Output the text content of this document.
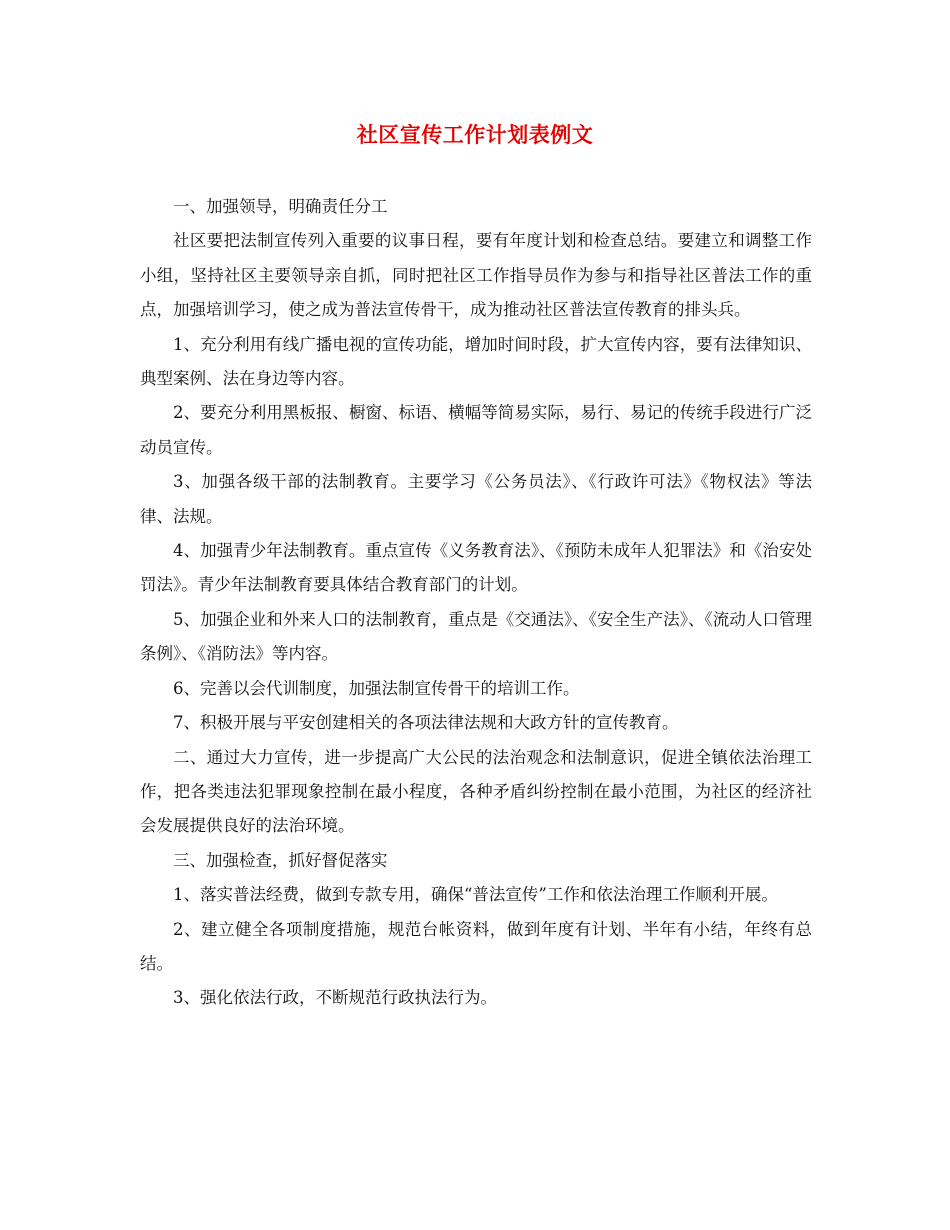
社区宣传工作计划表例文

一、加强领导，明确责任分工

社区要把法制宣传列入重要的议事日程，要有年度计划和检查总结。要建立和调整工作小组，坚持社区主要领导亲自抓，同时把社区工作指导员作为参与和指导社区普法工作的重点，加强培训学习，使之成为普法宣传骨干，成为推动社区普法宣传教育的排头兵。

1、充分利用有线广播电视的宣传功能，增加时间时段，扩大宣传内容，要有法律知识、典型案例、法在身边等内容。

2、要充分利用黑板报、橱窗、标语、横幅等简易实际，易行、易记的传统手段进行广泛动员宣传。

3、加强各级干部的法制教育。主要学习《公务员法》、《行政许可法》《物权法》等法律、法规。

4、加强青少年法制教育。重点宣传《义务教育法》、《预防未成年人犯罪法》和《治安处罚法》。青少年法制教育要具体结合教育部门的计划。

5、加强企业和外来人口的法制教育，重点是《交通法》、《安全生产法》、《流动人口管理条例》、《消防法》等内容。

6、完善以会代训制度，加强法制宣传骨干的培训工作。

7、积极开展与平安创建相关的各项法律法规和大政方针的宣传教育。

二、通过大力宣传，进一步提高广大公民的法治观念和法制意识，促进全镇依法治理工作，把各类违法犯罪现象控制在最小程度，各种矛盾纠纷控制在最小范围，为社区的经济社会发展提供良好的法治环境。

三、加强检查，抓好督促落实

1、落实普法经费，做到专款专用，确保“普法宣传”工作和依法治理工作顺利开展。

2、建立健全各项制度措施，规范台帐资料，做到年度有计划、半年有小结，年终有总结。

3、强化依法行政，不断规范行政执法行为。
